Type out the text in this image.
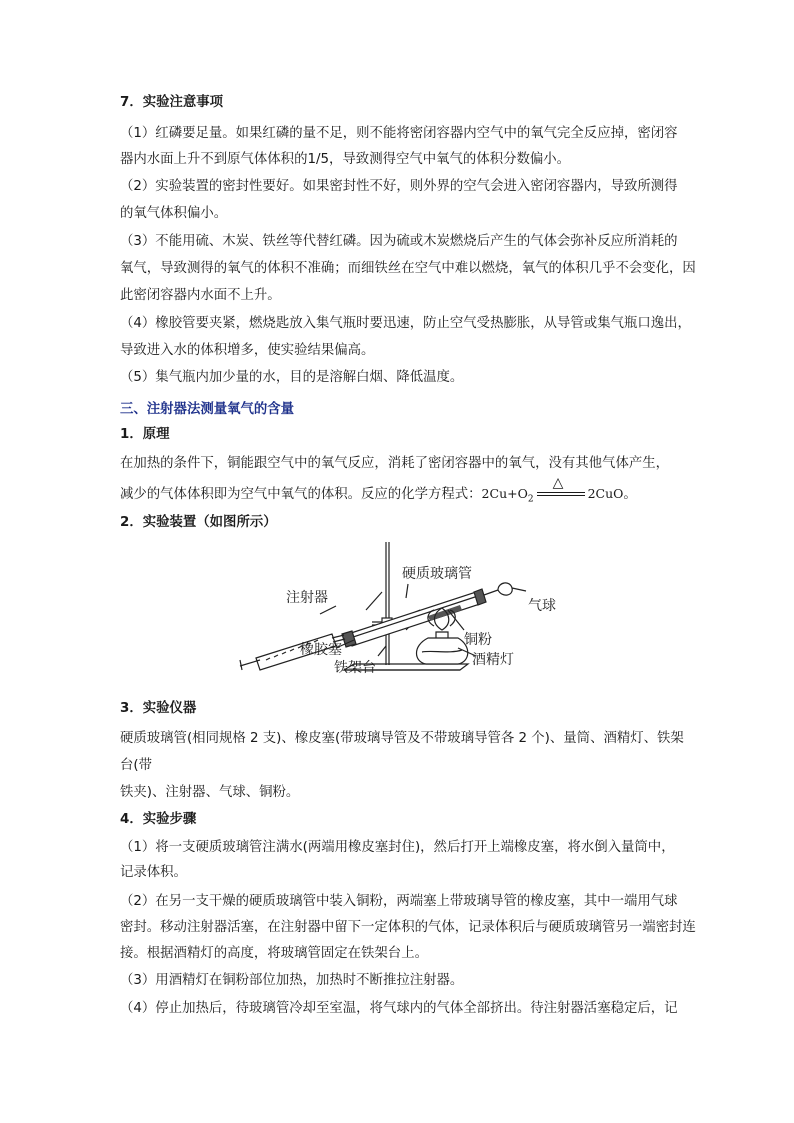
7．实验注意事项
（1）红磷要足量。如果红磷的量不足，则不能将密闭容器内空气中的氧气完全反应掉，密闭容
器内水面上升不到原气体体积的1/5，导致测得空气中氧气的体积分数偏小。
（2）实验装置的密封性要好。如果密封性不好，则外界的空气会进入密闭容器内，导致所测得
的氧气体积偏小。
（3）不能用硫、木炭、铁丝等代替红磷。因为硫或木炭燃烧后产生的气体会弥补反应所消耗的
氧气，导致测得的氧气的体积不准确；而细铁丝在空气中难以燃烧，氧气的体积几乎不会变化，因
此密闭容器内水面不上升。
（4）橡胶管要夹紧，燃烧匙放入集气瓶时要迅速，防止空气受热膨胀，从导管或集气瓶口逸出，
导致进入水的体积增多，使实验结果偏高。
（5）集气瓶内加少量的水，目的是溶解白烟、降低温度。
三、注射器法测量氧气的含量
1．原理
在加热的条件下，铜能跟空气中的氧气反应，消耗了密闭容器中的氧气，没有其他气体产生，
减少的气体体积即为空气中氧气的体积。反应的化学方程式：$2Cu+O_2$
△
2CuO。
2．实验装置（如图所示）
硬质玻璃管
注射器	气球
铜粉
橡胶塞
酒精灯
铁架台
3．实验仪器
硬质玻璃管(相同规格 2 支)、橡皮塞(带玻璃导管及不带玻璃导管各 2 个)、量筒、酒精灯、铁架
台(带
铁夹)、注射器、气球、铜粉。
4．实验步骤
（1）将一支硬质玻璃管注满水(两端用橡皮塞封住)，然后打开上端橡皮塞，将水倒入量筒中，
记录体积。
（2）在另一支干燥的硬质玻璃管中装入铜粉，两端塞上带玻璃导管的橡皮塞，其中一端用气球
密封。移动注射器活塞，在注射器中留下一定体积的气体，记录体积后与硬质玻璃管另一端密封连
接。根据酒精灯的高度，将玻璃管固定在铁架台上。
（3）用酒精灯在铜粉部位加热，加热时不断推拉注射器。
（4）停止加热后，待玻璃管冷却至室温，将气球内的气体全部挤出。待注射器活塞稳定后，记
